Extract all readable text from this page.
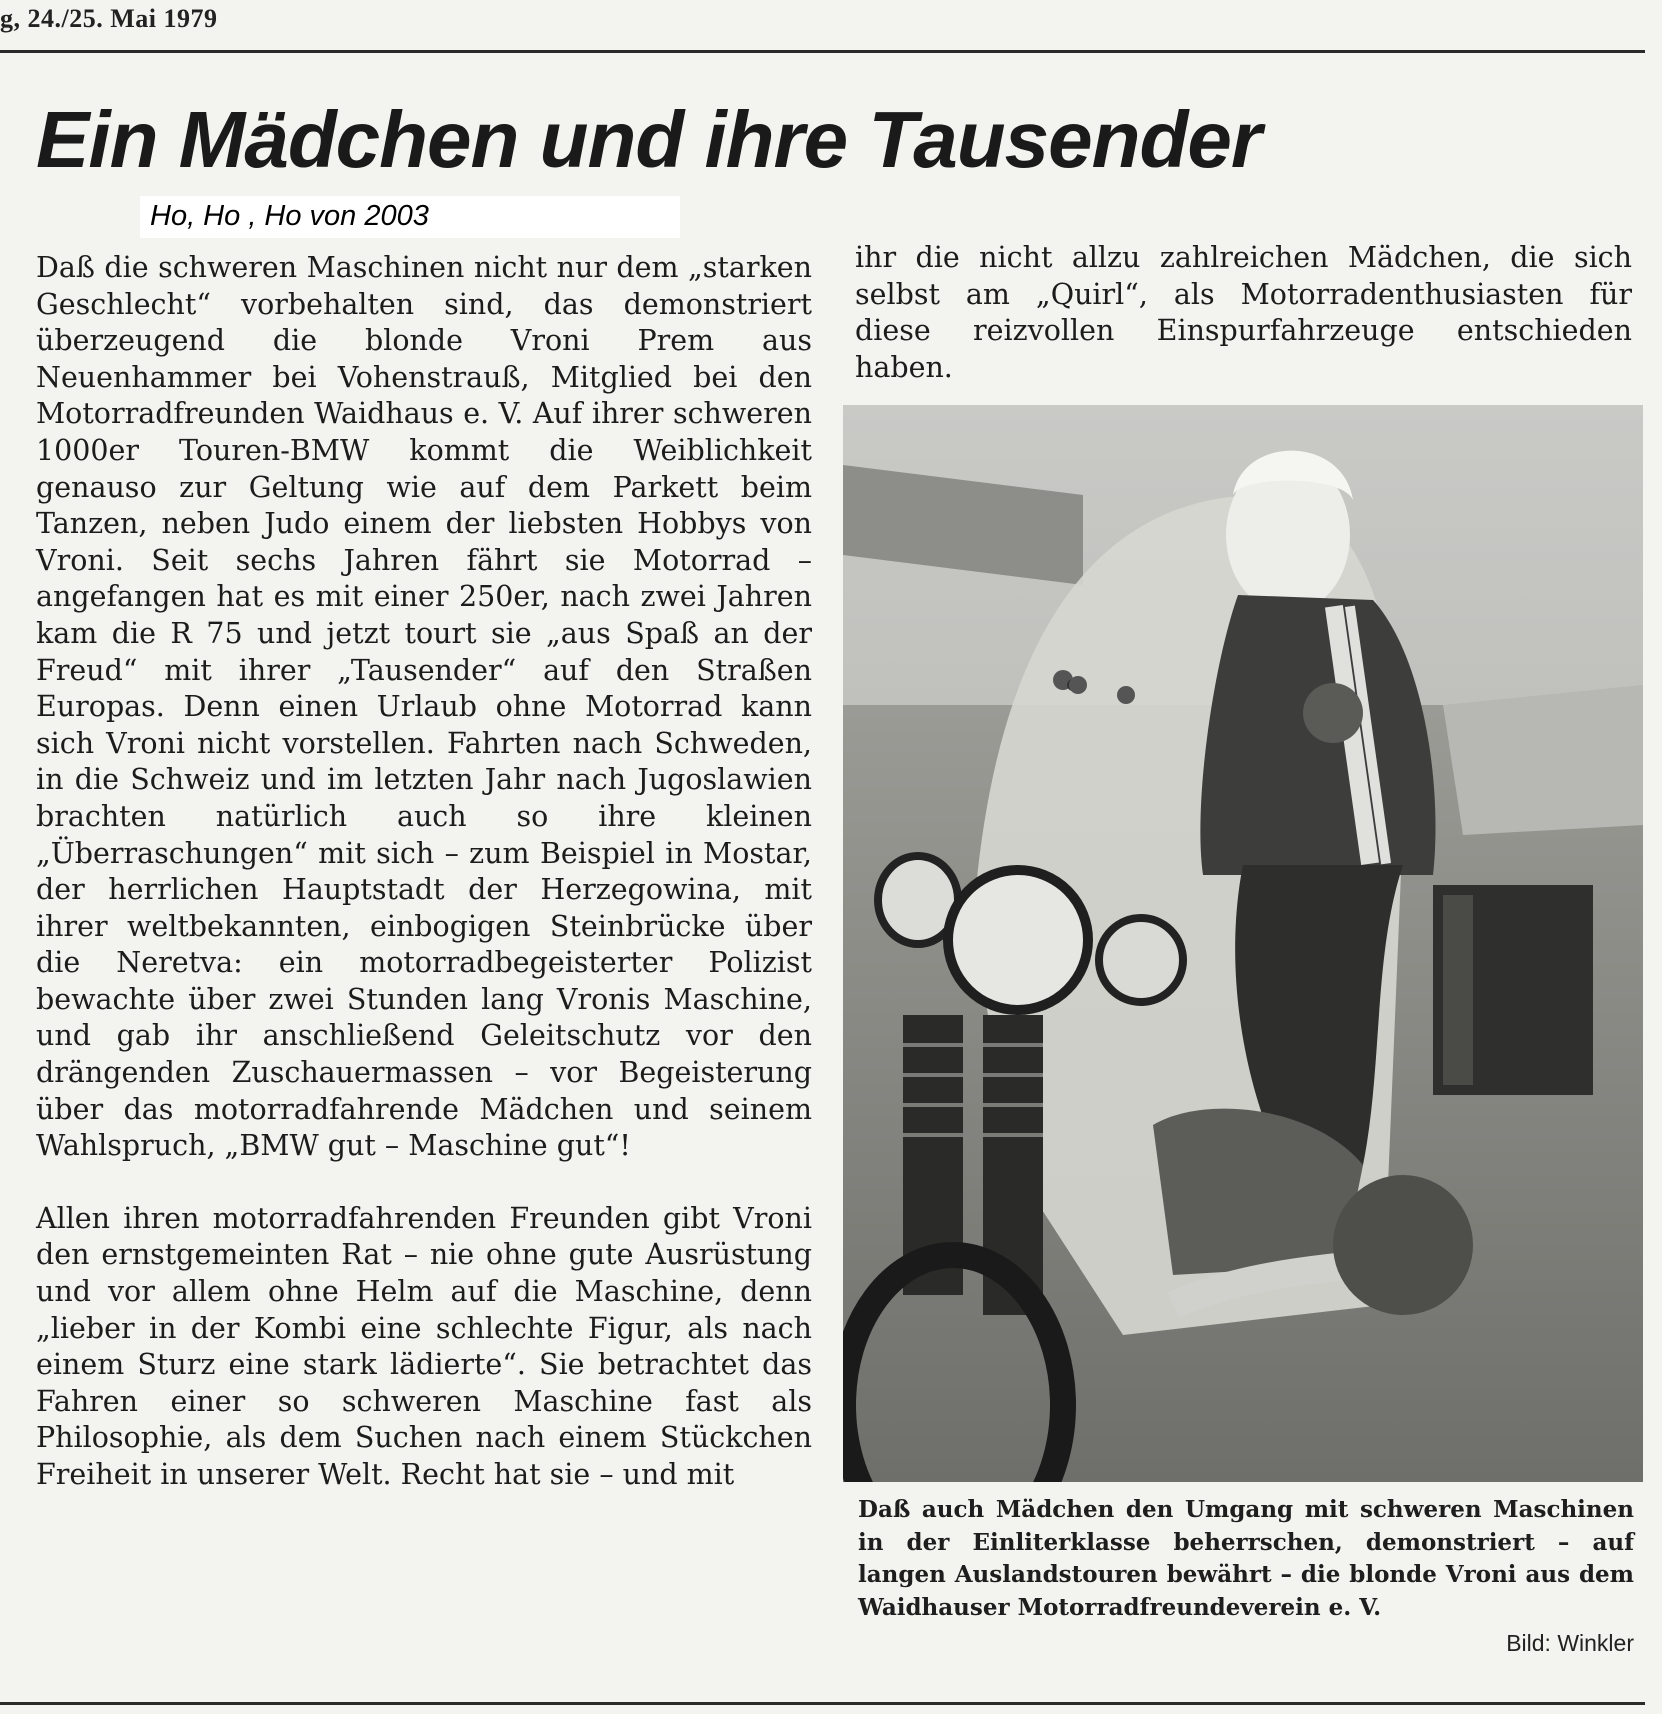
g, 24./25. Mai 1979
Ein Mädchen und ihre Tausender
Ho, Ho , Ho von 2003

Daß die schweren Maschinen nicht nur dem „starken Geschlecht“ vorbehalten sind, das demonstriert überzeugend die blonde Vroni Prem aus Neuenhammer bei Vohenstrauß, Mitglied bei den Motorradfreunden Waidhaus e. V. Auf ihrer schweren 1000er Touren-BMW kommt die Weiblichkeit genauso zur Geltung wie auf dem Parkett beim Tanzen, neben Judo einem der liebsten Hobbys von Vroni. Seit sechs Jahren fährt sie Motorrad – angefangen hat es mit einer 250er, nach zwei Jahren kam die R 75 und jetzt tourt sie „aus Spaß an der Freud“ mit ihrer „Tausender“ auf den Straßen Europas. Denn einen Urlaub ohne Motorrad kann sich Vroni nicht vorstellen. Fahrten nach Schweden, in die Schweiz und im letzten Jahr nach Jugoslawien brachten natürlich auch so ihre kleinen „Überraschungen“ mit sich – zum Beispiel in Mostar, der herrlichen Hauptstadt der Herzegowina, mit ihrer weltbekannten, einbogigen Steinbrücke über die Neretva: ein motorradbegeisterter Polizist bewachte über zwei Stunden lang Vronis Maschine, und gab ihr anschließend Geleitschutz vor den drängenden Zuschauermassen – vor Begeisterung über das motorradfahrende Mädchen und seinem Wahlspruch, „BMW gut – Maschine gut“!

Allen ihren motorradfahrenden Freunden gibt Vroni den ernstgemeinten Rat – nie ohne gute Ausrüstung und vor allem ohne Helm auf die Maschine, denn „lieber in der Kombi eine schlechte Figur, als nach einem Sturz eine stark lädierte“. Sie betrachtet das Fahren einer so schweren Maschine fast als Philosophie, als dem Suchen nach einem Stückchen Freiheit in unserer Welt. Recht hat sie – und mit

ihr die nicht allzu zahlreichen Mädchen, die sich selbst am „Quirl“, als Motorradenthusiasten für diese reizvollen Einspurfahrzeuge entschieden haben.

Daß auch Mädchen den Umgang mit schweren Maschinen in der Einliterklasse beherrschen, demonstriert – auf langen Auslandstouren bewährt – die blonde Vroni aus dem Waidhauser Motorradfreundeverein e. V.

Bild: Winkler
